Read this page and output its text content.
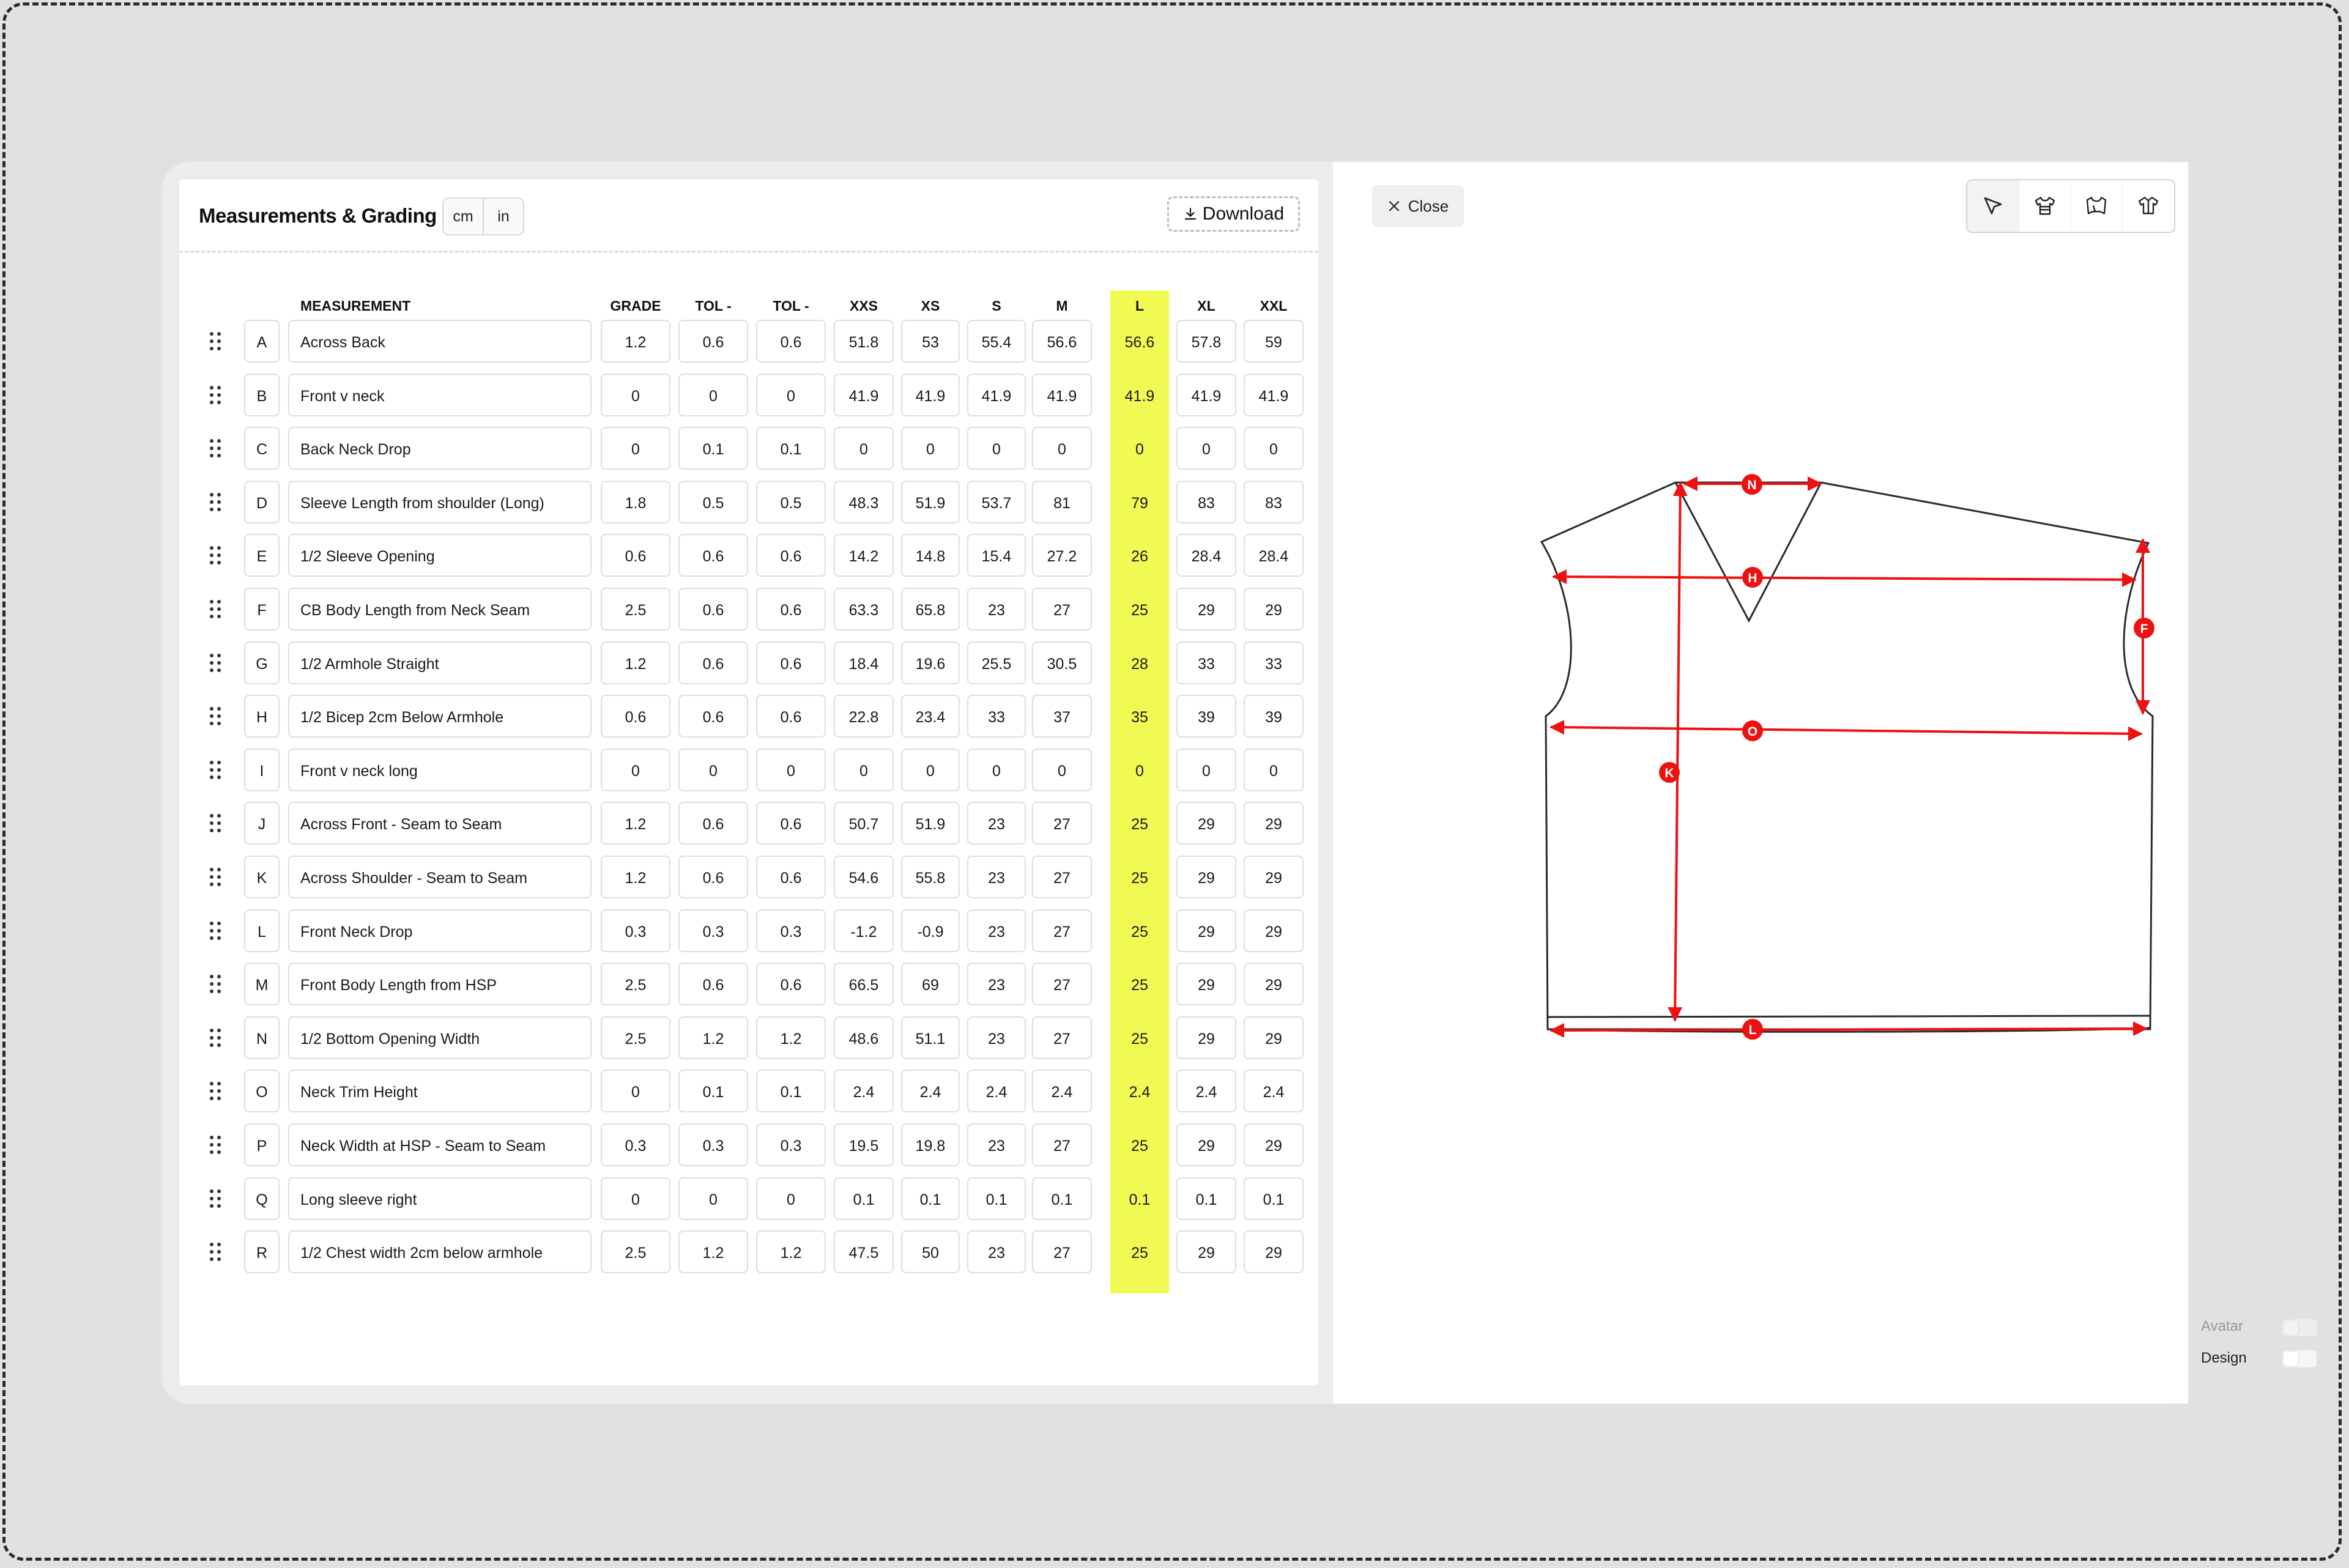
Measurements & Grading	cm	in	Download
MEASUREMENT	GRADE	TOL -	TOL -	XXS	XS	S	M	L	XL	XXL
A	Across Back	1.2	0.6	0.6	51.8	53	55.4	56.6	56.6	57.8	59
B	Front v neck	0	0	0	41.9	41.9	41.9	41.9	41.9	41.9	41.9
C	Back Neck Drop	0	0.1	0.1	0	0	0	0	0	0	0
D	Sleeve Length from shoulder (Long)	1.8	0.5	0.5	48.3	51.9	53.7	81	79	83	83
E	1/2 Sleeve Opening	0.6	0.6	0.6	14.2	14.8	15.4	27.2	26	28.4	28.4
F	CB Body Length from Neck Seam	2.5	0.6	0.6	63.3	65.8	23	27	25	29	29
G	1/2 Armhole Straight	1.2	0.6	0.6	18.4	19.6	25.5	30.5	28	33	33
H	1/2 Bicep 2cm Below Armhole	0.6	0.6	0.6	22.8	23.4	33	37	35	39	39
I	Front v neck long	0	0	0	0	0	0	0	0	0	0
J	Across Front - Seam to Seam	1.2	0.6	0.6	50.7	51.9	23	27	25	29	29
K	Across Shoulder - Seam to Seam	1.2	0.6	0.6	54.6	55.8	23	27	25	29	29
L	Front Neck Drop	0.3	0.3	0.3	-1.2	-0.9	23	27	25	29	29
M	Front Body Length from HSP	2.5	0.6	0.6	66.5	69	23	27	25	29	29
N	1/2 Bottom Opening Width	2.5	1.2	1.2	48.6	51.1	23	27	25	29	29
O	Neck Trim Height	0	0.1	0.1	2.4	2.4	2.4	2.4	2.4	2.4	2.4
P	Neck Width at HSP - Seam to Seam	0.3	0.3	0.3	19.5	19.8	23	27	25	29	29
Q	Long sleeve right	0	0	0	0.1	0.1	0.1	0.1	0.1	0.1	0.1
R	1/2 Chest width 2cm below armhole	2.5	1.2	1.2	47.5	50	23	27	25	29	29
Close
N
H
F
O
K
L
Avatar
Design
